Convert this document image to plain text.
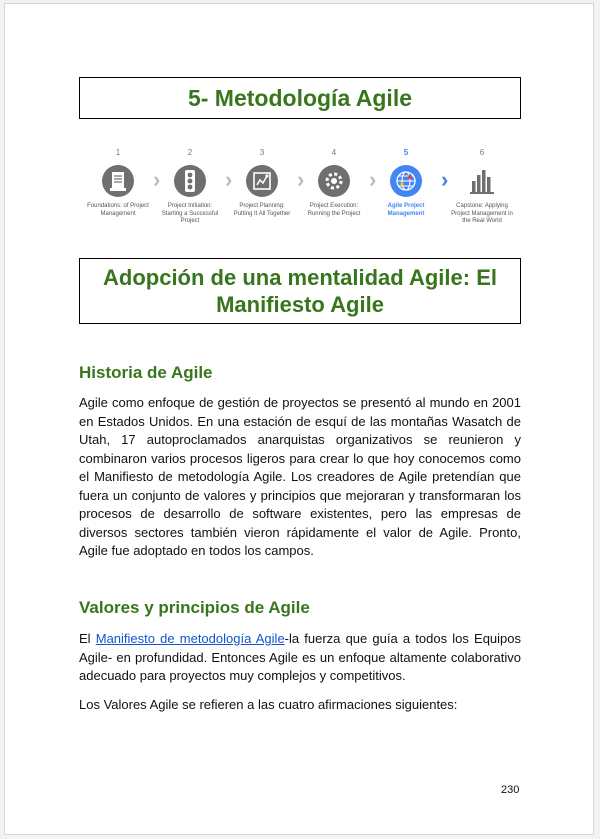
5- Metodología Agile
1
Foundations: of Project Management
›
2
Project Initiation: Starting a Successful Project
›
3
Project Planning: Putting It All Together
›
4
Project Execution: Running the Project
›
5
Agile Project Management
›
6
Capstone: Applying Project Management in the Real World
Adopción de una mentalidad Agile: El Manifiesto Agile
Historia de Agile

Agile como enfoque de gestión de proyectos se presentó al mundo en 2001 en Estados Unidos. En una estación de esquí de las montañas Wasatch de Utah, 17 autoproclamados anarquistas organizativos se reunieron y combinaron varios procesos ligeros para crear lo que hoy conocemos como el Manifiesto de metodología Agile. Los creadores de Agile pretendían que fuera un conjunto de valores y principios que mejoraran y transformaran los procesos de desarrollo de software existentes, pero las empresas de diversos sectores también vieron rápidamente el valor de Agile. Pronto, Agile fue adoptado en todos los campos.

Valores y principios de Agile

El Manifiesto de metodología Agile-la fuerza que guía a todos los Equipos Agile- en profundidad. Entonces Agile es un enfoque altamente colaborativo adecuado para proyectos muy complejos y competitivos.

Los Valores Agile se refieren a las cuatro afirmaciones siguientes:

230
